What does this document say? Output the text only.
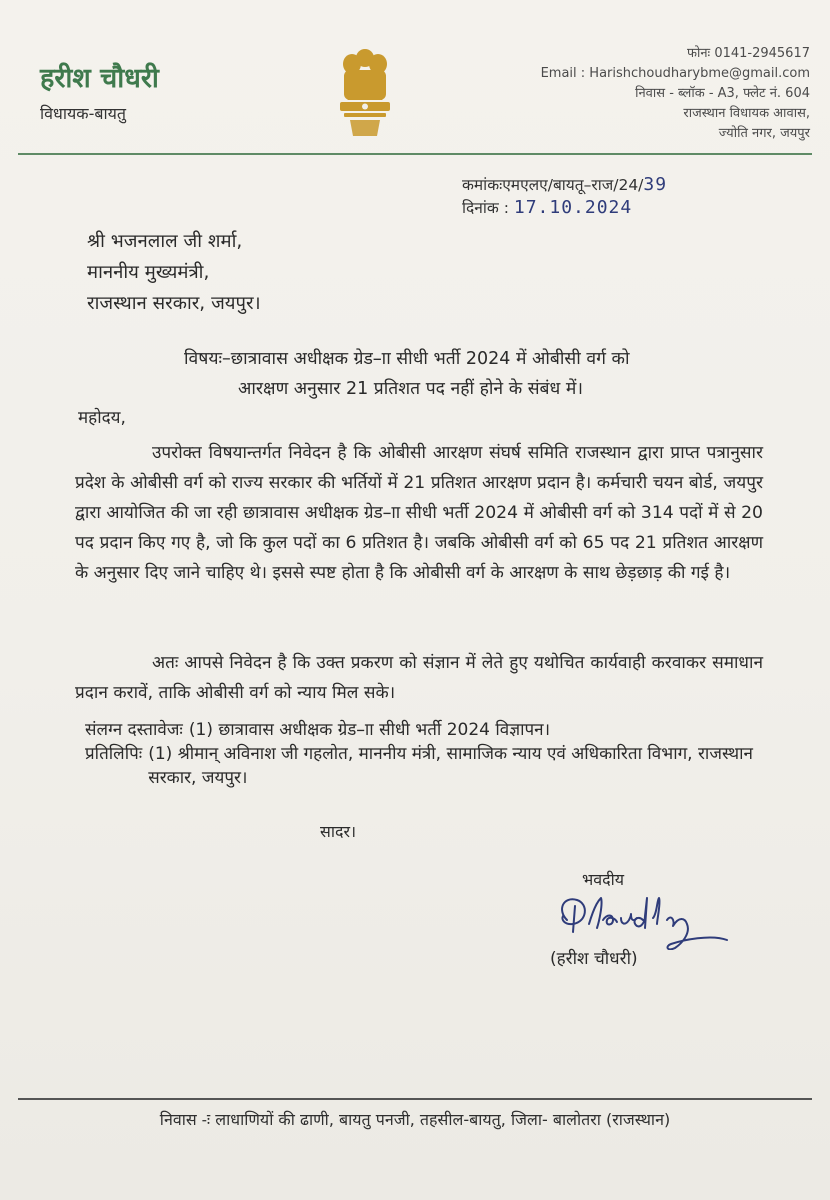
हरीश चौधरी
विधायक-बायतु
फोनः 0141-2945617
Email : Harishchoudharybme@gmail.com
निवास - ब्लॉक - A3, फ्लेट नं. 604
राजस्थान विधायक आवास,
ज्योति नगर, जयपुर
कमांकःएमएलए/बायतू–राज/24/39
दिनांक : 17.10.2024
श्री भजनलाल जी शर्मा,
माननीय मुख्यमंत्री,
राजस्थान सरकार, जयपुर।
विषयः–छात्रावास अधीक्षक ग्रेड–ाा सीधी भर्ती 2024 में ओबीसी वर्ग को
आरक्षण अनुसार 21 प्रतिशत पद नहीं होने के संबंध में।
महोदय,
उपरोक्त विषयान्तर्गत निवेदन है कि ओबीसी आरक्षण संघर्ष समिति राजस्थान द्वारा प्राप्त पत्रानुसार प्रदेश के ओबीसी वर्ग को राज्य सरकार की भर्तियों में 21 प्रतिशत आरक्षण प्रदान है। कर्मचारी चयन बोर्ड, जयपुर द्वारा आयोजित की जा रही छात्रावास अधीक्षक ग्रेड–ाा सीधी भर्ती 2024 में ओबीसी वर्ग को 314 पदों में से 20 पद प्रदान किए गए है, जो कि कुल पदों का 6 प्रतिशत है। जबकि ओबीसी वर्ग को 65 पद 21 प्रतिशत आरक्षण के अनुसार दिए जाने चाहिए थे। इससे स्पष्ट होता है कि ओबीसी वर्ग के आरक्षण के साथ छेड़छाड़ की गई है।
अतः आपसे निवेदन है कि उक्त प्रकरण को संज्ञान में लेते हुए यथोचित कार्यवाही करवाकर समाधान प्रदान करावें, ताकि ओबीसी वर्ग को न्याय मिल सके।
संलग्न दस्तावेजः (1) छात्रावास अधीक्षक ग्रेड–ाा सीधी भर्ती 2024 विज्ञापन।
प्रतिलिपिः (1) श्रीमान् अविनाश जी गहलोत, माननीय मंत्री, सामाजिक न्याय एवं अधिकारिता विभाग, राजस्थान सरकार, जयपुर।
सादर।
भवदीय
(हरीश चौधरी)
निवास -ः लाधाणियों की ढाणी, बायतु पनजी, तहसील-बायतु, जिला- बालोतरा (राजस्थान)
